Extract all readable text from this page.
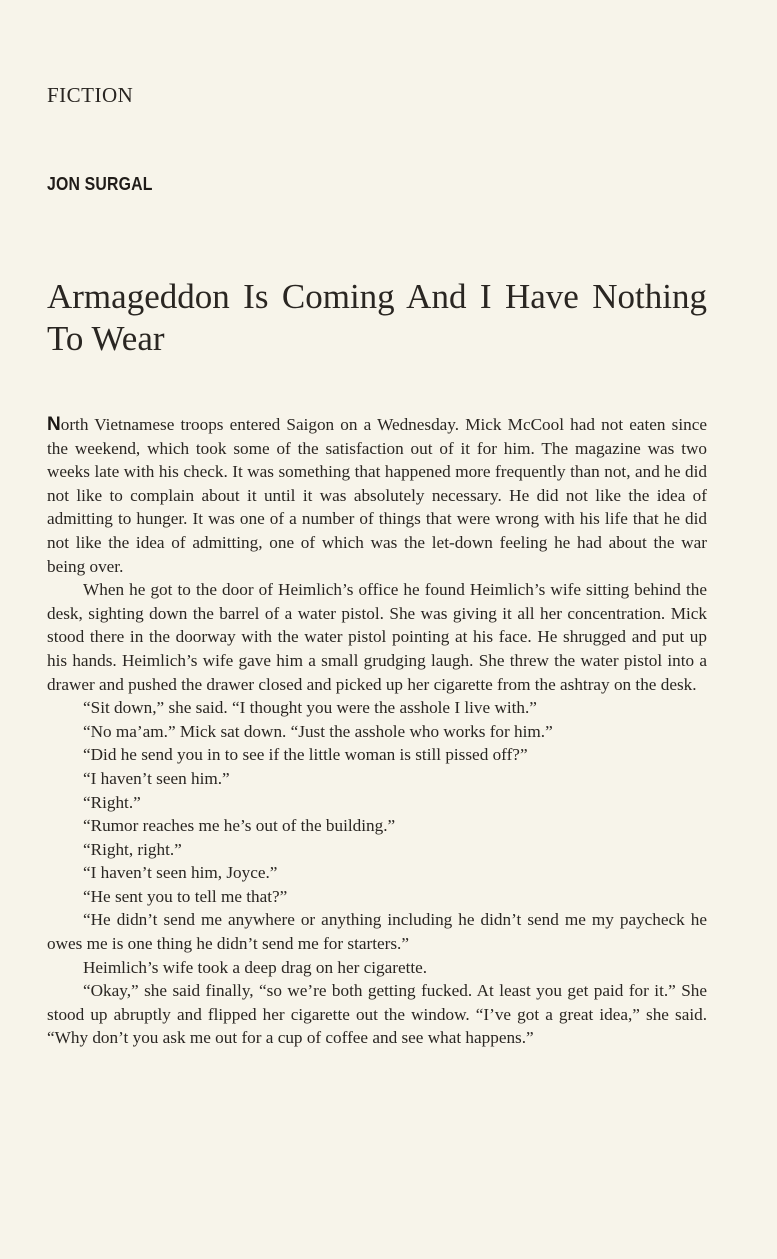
FICTION
JON SURGAL
Armageddon Is Coming And I Have Nothing To Wear

North Vietnamese troops entered Saigon on a Wednesday. Mick McCool had not eaten since the weekend, which took some of the satisfaction out of it for him. The magazine was two weeks late with his check. It was something that happened more frequently than not, and he did not like to complain about it until it was absolutely necessary. He did not like the idea of admitting to hunger. It was one of a number of things that were wrong with his life that he did not like the idea of admitting, one of which was the let-down feeling he had about the war being over.

When he got to the door of Heimlich’s office he found Heimlich’s wife sitting behind the desk, sighting down the barrel of a water pistol. She was giving it all her concentration. Mick stood there in the doorway with the water pistol pointing at his face. He shrugged and put up his hands. Heimlich’s wife gave him a small grudging laugh. She threw the water pistol into a drawer and pushed the drawer closed and picked up her cigarette from the ashtray on the desk.

“Sit down,” she said. “I thought you were the asshole I live with.”

“No ma’am.” Mick sat down. “Just the asshole who works for him.”

“Did he send you in to see if the little woman is still pissed off?”

“I haven’t seen him.”

“Right.”

“Rumor reaches me he’s out of the building.”

“Right, right.”

“I haven’t seen him, Joyce.”

“He sent you to tell me that?”

“He didn’t send me anywhere or anything including he didn’t send me my paycheck he owes me is one thing he didn’t send me for starters.”

Heimlich’s wife took a deep drag on her cigarette.

“Okay,” she said finally, “so we’re both getting fucked. At least you get paid for it.” She stood up abruptly and flipped her cigarette out the window. “I’ve got a great idea,” she said. “Why don’t you ask me out for a cup of coffee and see what happens.”
